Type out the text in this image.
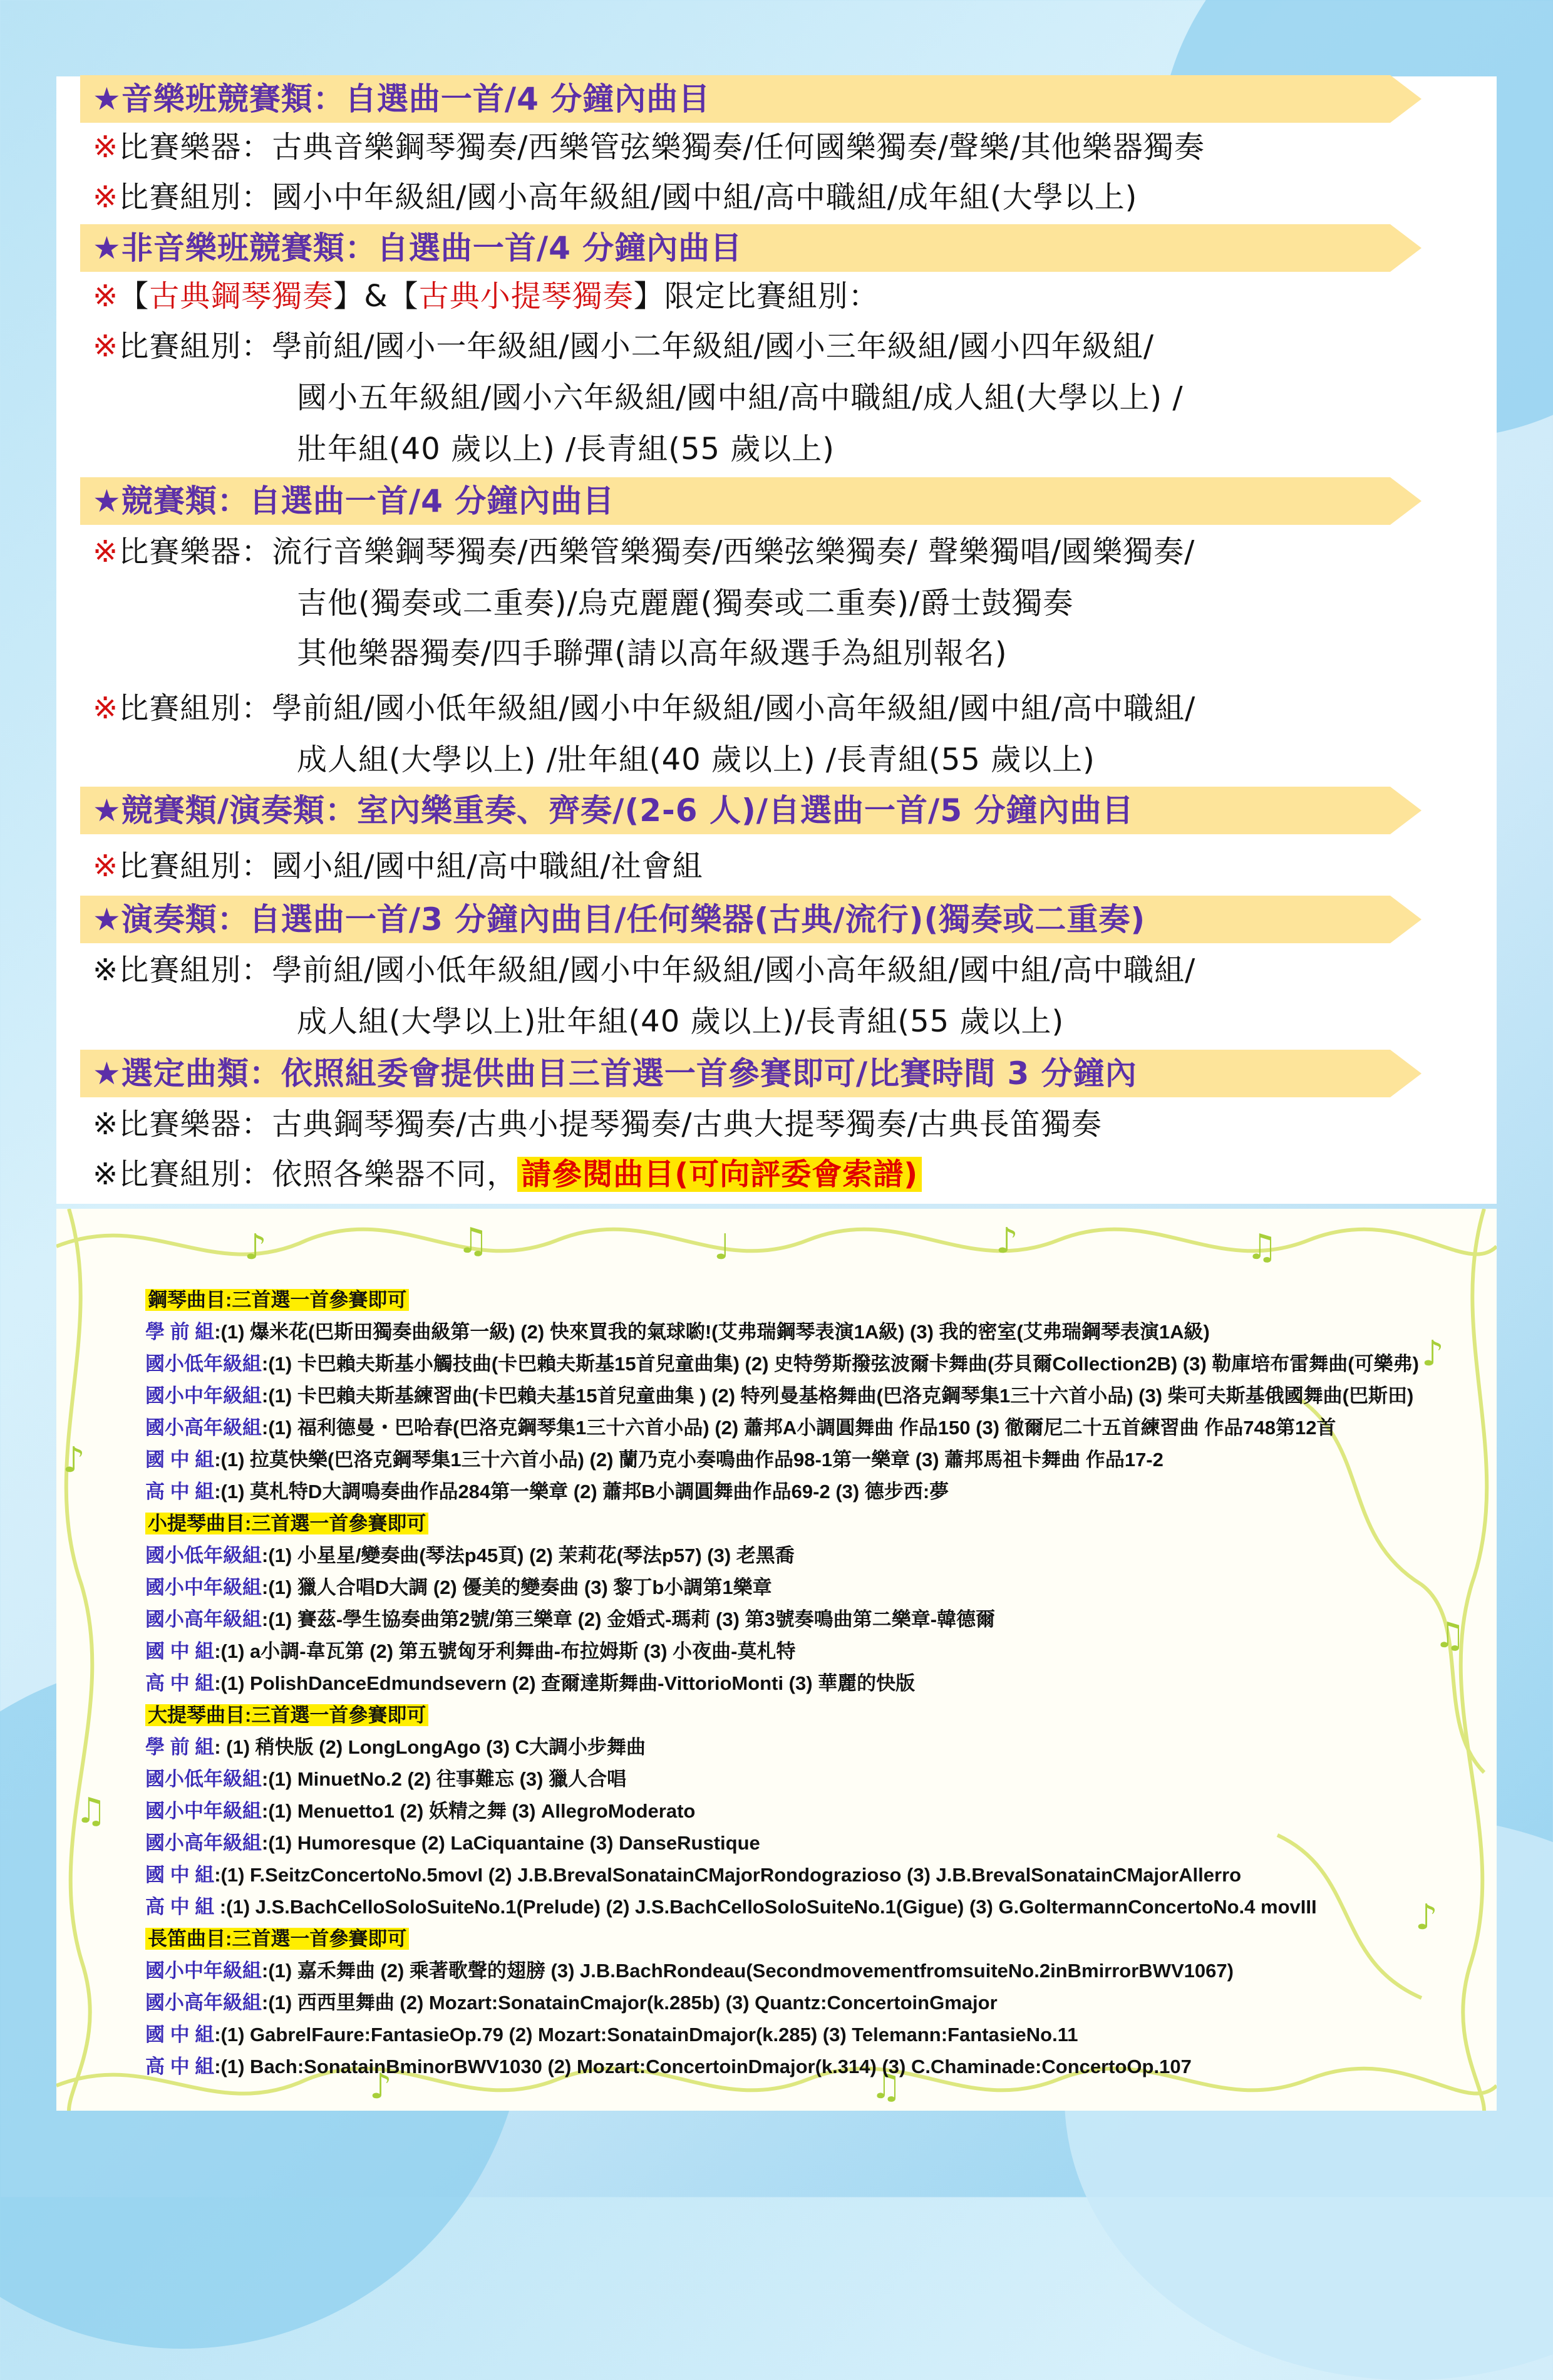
★音樂班競賽類：自選曲一首/4 分鐘內曲目
※比賽樂器：古典音樂鋼琴獨奏/西樂管弦樂獨奏/任何國樂獨奏/聲樂/其他樂器獨奏
※比賽組別：國小中年級組/國小高年級組/國中組/高中職組/成年組(大學以上)
★非音樂班競賽類：自選曲一首/4 分鐘內曲目
※【古典鋼琴獨奏】&【古典小提琴獨奏】限定比賽組別：
※比賽組別：學前組/國小一年級組/國小二年級組/國小三年級組/國小四年級組/
國小五年級組/國小六年級組/國中組/高中職組/成人組(大學以上) /
壯年組(40 歲以上) /長青組(55 歲以上)
★競賽類：自選曲一首/4 分鐘內曲目
※比賽樂器：流行音樂鋼琴獨奏/西樂管樂獨奏/西樂弦樂獨奏/ 聲樂獨唱/國樂獨奏/
吉他(獨奏或二重奏)/烏克麗麗(獨奏或二重奏)/爵士鼓獨奏
其他樂器獨奏/四手聯彈(請以高年級選手為組別報名)
※比賽組別：學前組/國小低年級組/國小中年級組/國小高年級組/國中組/高中職組/
成人組(大學以上) /壯年組(40 歲以上) /長青組(55 歲以上)
★競賽類/演奏類：室內樂重奏、齊奏/(2-6 人)/自選曲一首/5 分鐘內曲目
※比賽組別：國小組/國中組/高中職組/社會組
★演奏類：自選曲一首/3 分鐘內曲目/任何樂器(古典/流行)(獨奏或二重奏)
※比賽組別：學前組/國小低年級組/國小中年級組/國小高年級組/國中組/高中職組/
成人組(大學以上)壯年組(40 歲以上)/長青組(55 歲以上)
★選定曲類：依照組委會提供曲目三首選一首參賽即可/比賽時間 3 分鐘內
※比賽樂器：古典鋼琴獨奏/古典小提琴獨奏/古典大提琴獨奏/古典長笛獨奏
※比賽組別：依照各樂器不同， 請參閱曲目(可向評委會索譜)
♪	♫	♩	♪	♫
♪
♫
♪
♪
♫
♪	♫
鋼琴曲目:三首選一首參賽即可
學 前 組:(1) 爆米花(巴斯田獨奏曲級第一級) (2) 快來買我的氣球喲!(艾弗瑞鋼琴表演1A級) (3) 我的密室(艾弗瑞鋼琴表演1A級)
國小低年級組:(1) 卡巴賴夫斯基小觸技曲(卡巴賴夫斯基15首兒童曲集) (2) 史特勞斯撥弦波爾卡舞曲(芬貝爾Collection2B) (3) 勒庫培布雷舞曲(可樂弗)
國小中年級組:(1) 卡巴賴夫斯基練習曲(卡巴賴夫基15首兒童曲集 ) (2) 特列曼基格舞曲(巴洛克鋼琴集1三十六首小品) (3) 柴可夫斯基俄國舞曲(巴斯田)
國小高年級組:(1) 福利德曼・巴哈春(巴洛克鋼琴集1三十六首小品) (2) 蕭邦A小調圓舞曲 作品150 (3) 徹爾尼二十五首練習曲 作品748第12首
國 中 組:(1) 拉莫快樂(巴洛克鋼琴集1三十六首小品) (2) 蘭乃克小奏鳴曲作品98-1第一樂章 (3) 蕭邦馬祖卡舞曲 作品17-2
高 中 組:(1) 莫札特D大調鳴奏曲作品284第一樂章 (2) 蕭邦B小調圓舞曲作品69-2 (3) 德步西:夢
小提琴曲目:三首選一首參賽即可
國小低年級組:(1) 小星星/變奏曲(琴法p45頁) (2) 茉莉花(琴法p57) (3) 老黑喬
國小中年級組:(1) 獵人合唱D大調 (2) 優美的變奏曲 (3) 黎丁b小調第1樂章
國小高年級組:(1) 賽茲-學生協奏曲第2號/第三樂章 (2) 金婚式-瑪莉 (3) 第3號奏鳴曲第二樂章-韓德爾
國 中 組:(1) a小調-韋瓦第 (2) 第五號匈牙利舞曲-布拉姆斯 (3) 小夜曲-莫札特
高 中 組:(1) PolishDanceEdmundsevern (2) 查爾達斯舞曲-VittorioMonti (3) 華麗的快版
大提琴曲目:三首選一首參賽即可
學 前 組: (1) 稍快版 (2) LongLongAgo (3) C大調小步舞曲
國小低年級組:(1) MinuetNo.2 (2) 往事難忘 (3) 獵人合唱
國小中年級組:(1) Menuetto1 (2) 妖精之舞 (3) AllegroModerato
國小高年級組:(1) Humoresque (2) LaCiquantaine (3) DanseRustique
國 中 組:(1) F.SeitzConcertoNo.5movI (2) J.B.BrevalSonatainCMajorRondograzioso (3) J.B.BrevalSonatainCMajorAllerro
高 中 組 :(1) J.S.BachCelloSoloSuiteNo.1(Prelude) (2) J.S.BachCelloSoloSuiteNo.1(Gigue) (3) G.GoltermannConcertoNo.4 movIII
長笛曲目:三首選一首參賽即可
國小中年級組:(1) 嘉禾舞曲 (2) 乘著歌聲的翅膀 (3) J.B.BachRondeau(SecondmovementfromsuiteNo.2inBmirrorBWV1067)
國小高年級組:(1) 西西里舞曲 (2) Mozart:SonatainCmajor(k.285b) (3) Quantz:ConcertoinGmajor
國 中 組:(1) GabrelFaure:FantasieOp.79 (2) Mozart:SonatainDmajor(k.285) (3) Telemann:FantasieNo.11
高 中 組:(1) Bach:SonatainBminorBWV1030 (2) Mozart:ConcertoinDmajor(k.314) (3) C.Chaminade:ConcertoOp.107
